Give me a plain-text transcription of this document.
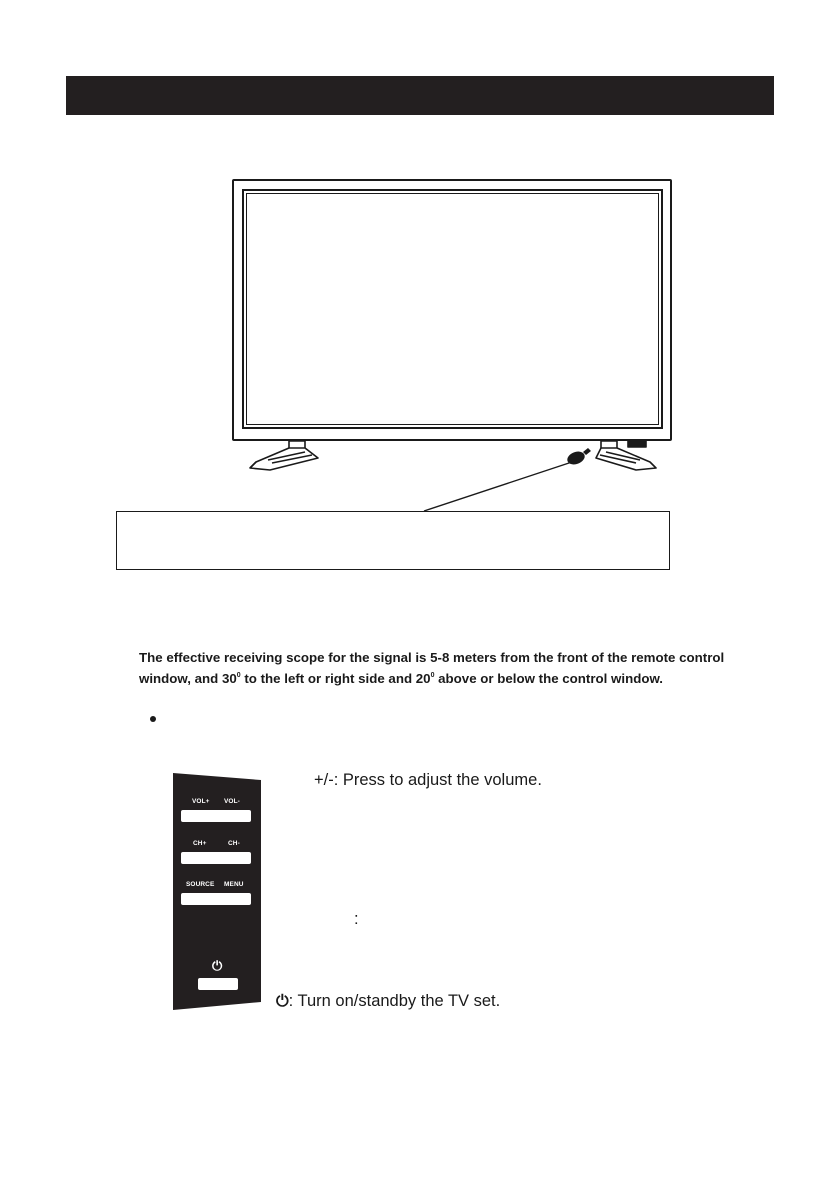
The effective receiving scope for the signal is 5-8 meters from the front of the remote control window, and $30^0$ to the left or right side and $20^0$ above or below the control window.
VOL+ VOL-
CH+	CH-
SOURCE MENU
⏻
+/-: Press to adjust the volume.
:
⏻: Turn on/standby the TV set.
